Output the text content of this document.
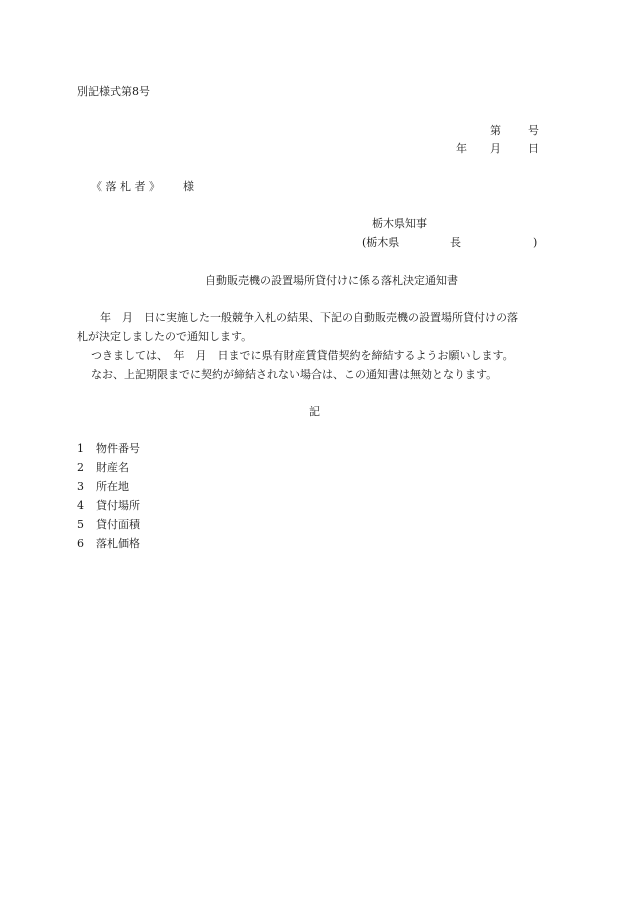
別記様式第8号
第 号
年 月 日
《 落 札 者 》 様
栃木県知事
(栃木県	長	)
自動販売機の設置場所貸付けに係る落札決定通知書
年　月　日に実施した一般競争入札の結果、下記の自動販売機の設置場所貸付けの落
札が決定しましたので通知します。
つきましては、　年　月　日までに県有財産賃貸借契約を締結するようお願いします。
なお、上記期限までに契約が締結されない場合は、この通知書は無効となります。
記
1 物件番号
2 財産名
3 所在地
4 貸付場所
5 貸付面積
6 落札価格
